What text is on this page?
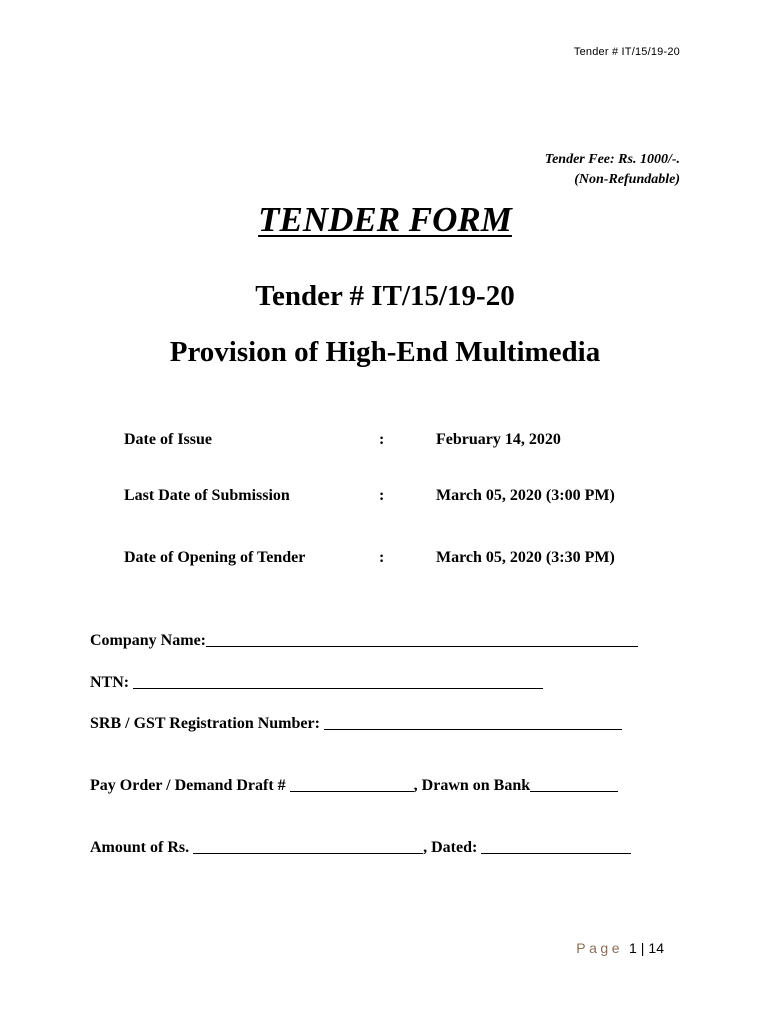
Tender # IT/15/19-20
Tender Fee: Rs. 1000/-.
(Non-Refundable)
TENDER FORM
Tender # IT/15/19-20
Provision of High-End Multimedia
Date of Issue	:	February 14, 2020
Last Date of Submission	:	March 05, 2020 (3:00 PM)
Date of Opening of Tender	:	March 05, 2020 (3:30 PM)
Company Name:
NTN:
SRB / GST Registration Number:
Pay Order / Demand Draft #	, Drawn on Bank
Amount of Rs.	, Dated:
Page 1 | 14
